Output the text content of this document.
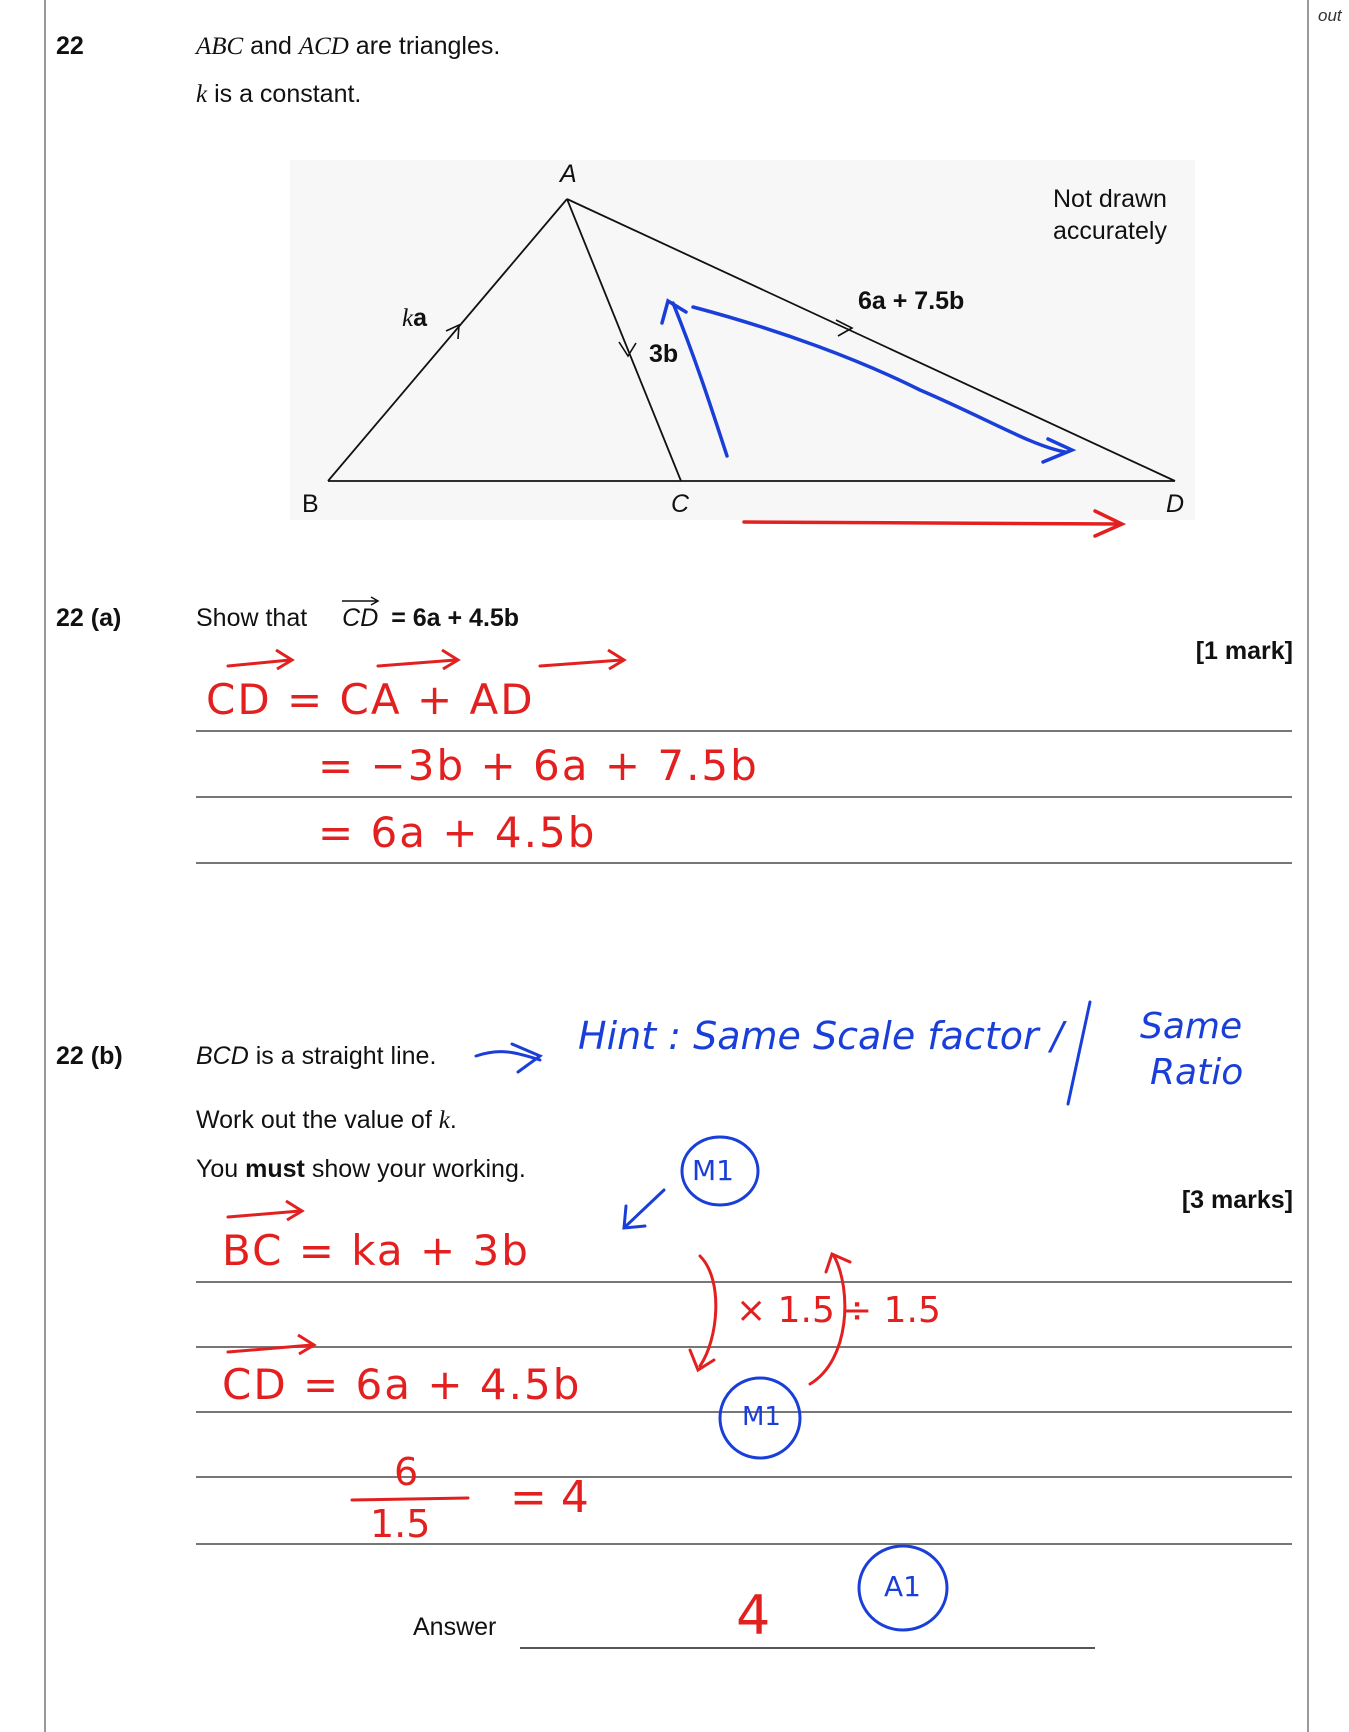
out
22	ABC and ACD are triangles.
k is a constant.
A
B	C	D
Not drawn
accurately
ka
3b
6a + 7.5b
22 (a)	Show that CD = 6a + 4.5b
[1 mark]
CD = CA + AD
= −3b + 6a + 7.5b
= 6a + 4.5b
22 (b)	BCD is a straight line.	Hint : Same Scale factor / Same
Ratio
Work out the value of k.
You must show your working.
[3 marks]
M1
M1
A1
BC = ka + 3b
CD = 6a + 4.5b
× 1.5 ÷ 1.5
6
1.5
= 4
Answer	4
